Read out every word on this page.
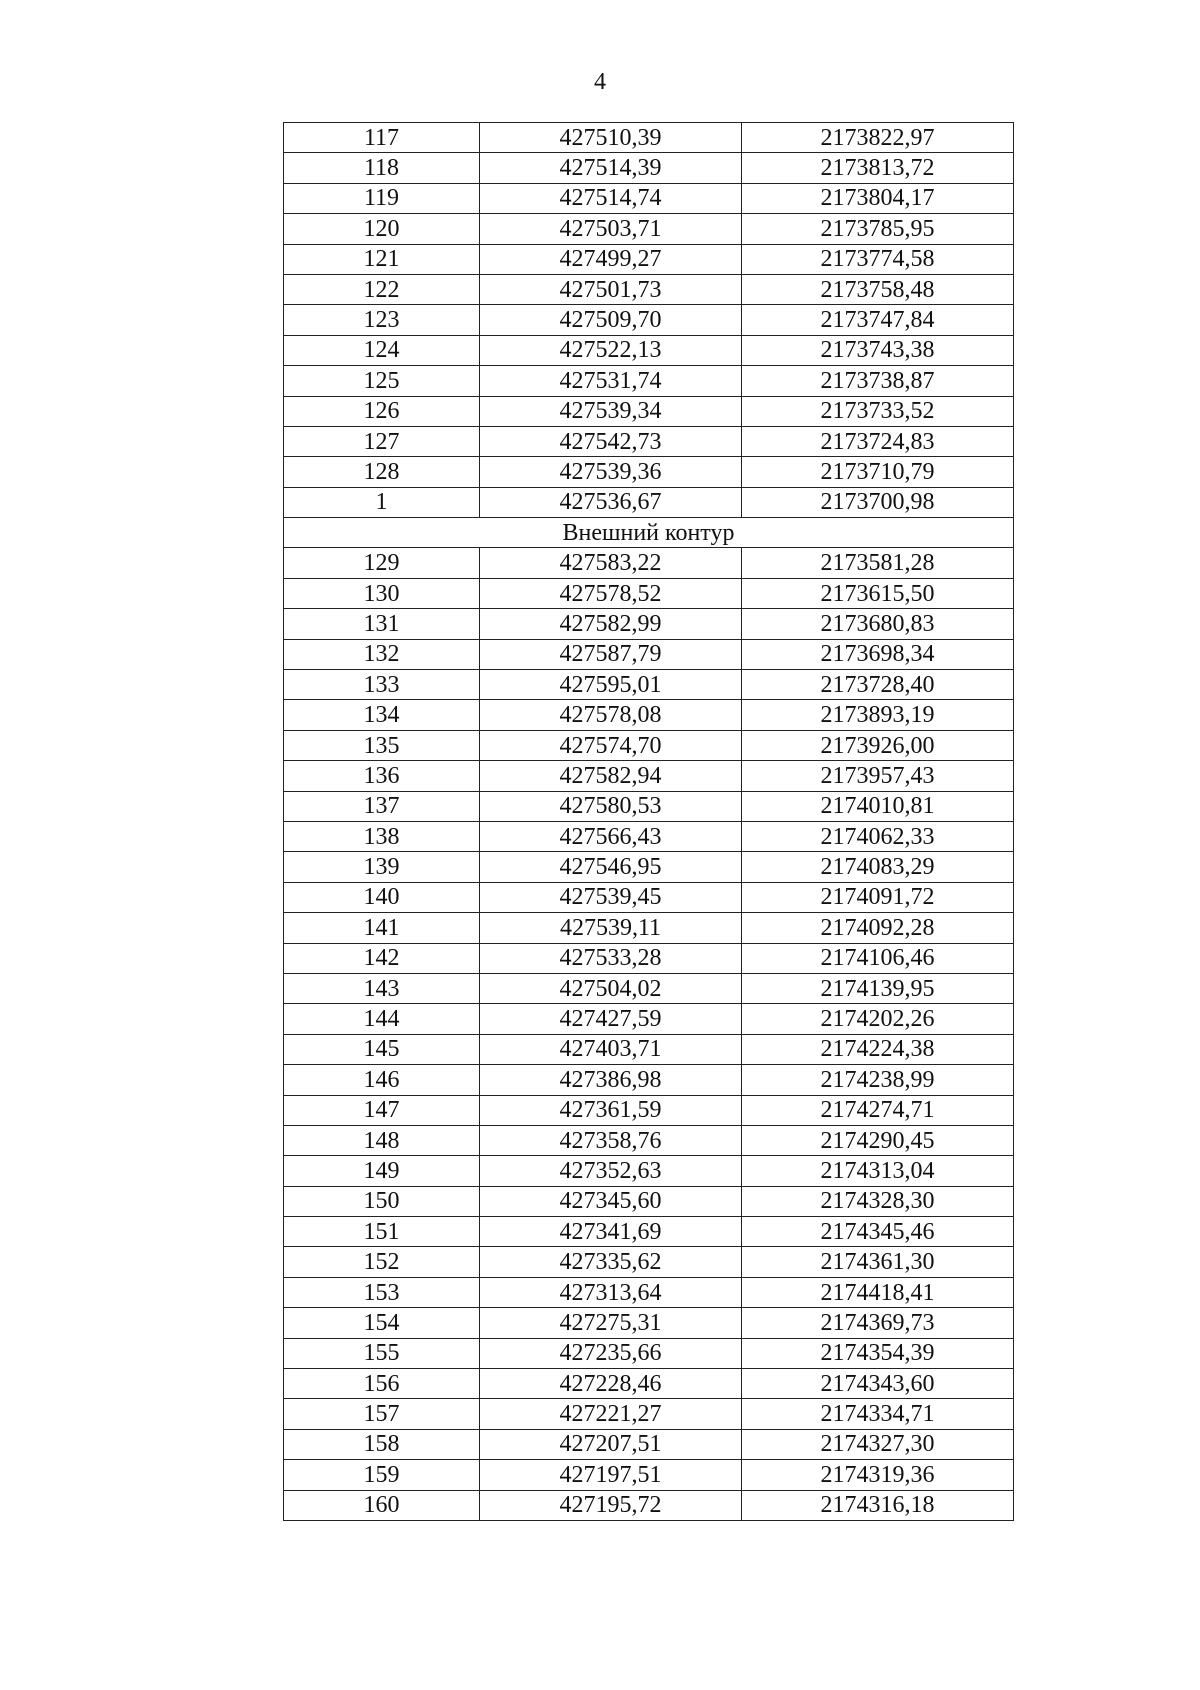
4
117	427510,39	2173822,97
118	427514,39	2173813,72
119	427514,74	2173804,17
120	427503,71	2173785,95
121	427499,27	2173774,58
122	427501,73	2173758,48
123	427509,70	2173747,84
124	427522,13	2173743,38
125	427531,74	2173738,87
126	427539,34	2173733,52
127	427542,73	2173724,83
128	427539,36	2173710,79
1	427536,67	2173700,98
Внешний контур		
129	427583,22	2173581,28
130	427578,52	2173615,50
131	427582,99	2173680,83
132	427587,79	2173698,34
133	427595,01	2173728,40
134	427578,08	2173893,19
135	427574,70	2173926,00
136	427582,94	2173957,43
137	427580,53	2174010,81
138	427566,43	2174062,33
139	427546,95	2174083,29
140	427539,45	2174091,72
141	427539,11	2174092,28
142	427533,28	2174106,46
143	427504,02	2174139,95
144	427427,59	2174202,26
145	427403,71	2174224,38
146	427386,98	2174238,99
147	427361,59	2174274,71
148	427358,76	2174290,45
149	427352,63	2174313,04
150	427345,60	2174328,30
151	427341,69	2174345,46
152	427335,62	2174361,30
153	427313,64	2174418,41
154	427275,31	2174369,73
155	427235,66	2174354,39
156	427228,46	2174343,60
157	427221,27	2174334,71
158	427207,51	2174327,30
159	427197,51	2174319,36
160	427195,72	2174316,18
